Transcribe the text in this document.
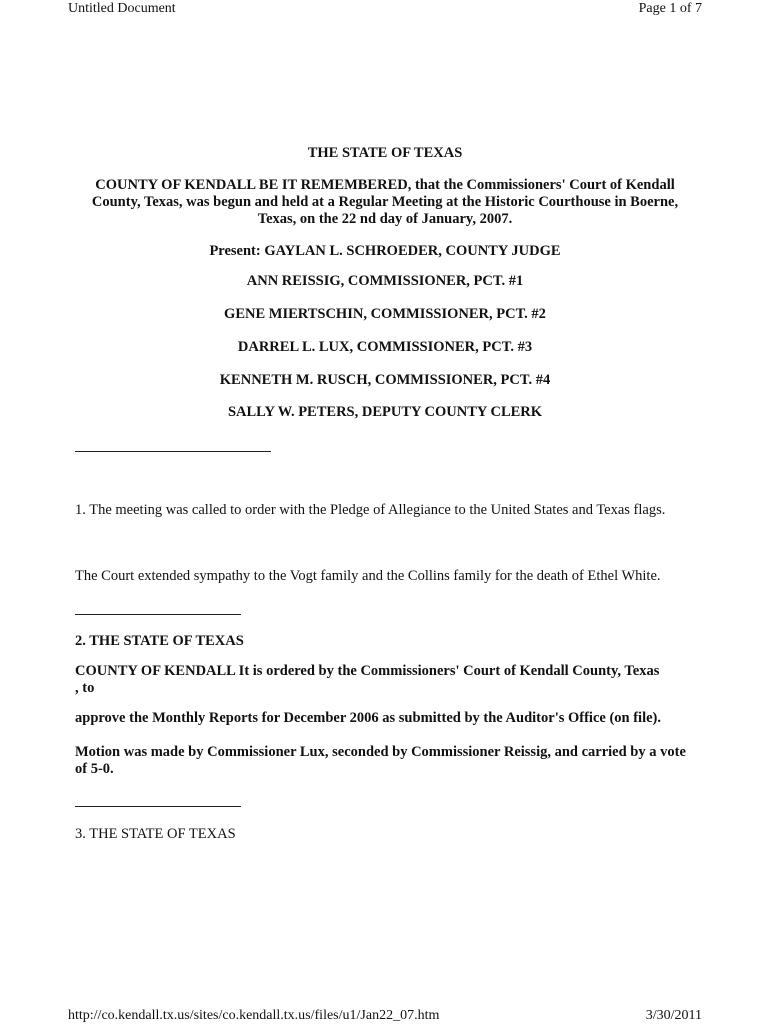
Untitled Document	Page 1 of 7
THE STATE OF TEXAS
COUNTY OF KENDALL BE IT REMEMBERED, that the Commissioners' Court of Kendall County, Texas, was begun and held at a Regular Meeting at the Historic Courthouse in Boerne, Texas, on the 22 nd day of January, 2007.
Present: GAYLAN L. SCHROEDER, COUNTY JUDGE
ANN REISSIG, COMMISSIONER, PCT. #1
GENE MIERTSCHIN, COMMISSIONER, PCT. #2
DARREL L. LUX, COMMISSIONER, PCT. #3
KENNETH M. RUSCH, COMMISSIONER, PCT. #4
SALLY W. PETERS, DEPUTY COUNTY CLERK
1. The meeting was called to order with the Pledge of Allegiance to the United States and Texas flags.
The Court extended sympathy to the Vogt family and the Collins family for the death of Ethel White.
2. THE STATE OF TEXAS
COUNTY OF KENDALL It is ordered by the Commissioners' Court of Kendall County, Texas , to
approve the Monthly Reports for December 2006 as submitted by the Auditor's Office (on file).
Motion was made by Commissioner Lux, seconded by Commissioner Reissig, and carried by a vote of 5-0.
3. THE STATE OF TEXAS
http://co.kendall.tx.us/sites/co.kendall.tx.us/files/u1/Jan22_07.htm	3/30/2011
